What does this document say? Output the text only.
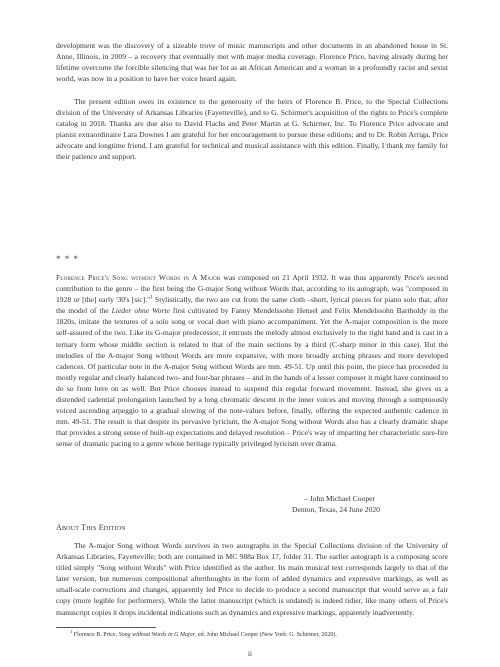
development was the discovery of a sizeable trove of music manuscripts and other documents in an abandoned house in St. Anne, Illinois, in 2009 – a recovery that eventually met with major media coverage. Florence Price, having already during her lifetime overcome the forcible silencing that was her lot as an African American and a woman in a profoundly racist and sexist world, was now in a position to have her voice heard again.

The present edition owes its existence to the generosity of the heirs of Florence B. Price, to the Special Collections division of the University of Arkansas Libraries (Fayetteville), and to G. Schirmer's acquisition of the rights to Price's complete catalog in 2018. Thanks are due also to David Flachs and Peter Martin at G. Schirmer, Inc. To Florence Price advocate and pianist extraordinaire Lara Downes I am grateful for her encouragement to pursue these editions; and to Dr. Robin Arriga, Price advocate and longtime friend, I am grateful for technical and musical assistance with this edition. Finally, I thank my family for their patience and support.

* * *

Florence Price's Song without Words in A Major was composed on 21 April 1932. It was thus apparently Price's second contribution to the genre – the first being the G-major Song without Words that, according to its autograph, was "composed in 1928 or [the] early '30's [sic]."$^1$ Stylistically, the two are cut from the same cloth –short, lyrical pieces for piano solo that, after the model of the Lieder ohne Worte first cultivated by Fanny Mendelssohn Hensel and Felix Mendelssohn Bartholdy in the 1820s, imitate the textures of a solo song or vocal duet with piano accompaniment. Yet the A-major composition is the more self-assured of the two. Like its G-major predecessor, it entrusts the melody almost exclusively to the right hand and is cast in a ternary form whose middle section is related to that of the main sections by a third (C-sharp minor in this case). But the melodies of the A-major Song without Words are more expansive, with more broadly arching phrases and more developed cadences. Of particular note in the A-major Song without Words are mm. 49-51. Up until this point, the piece has proceeded in mostly regular and clearly balanced two- and four-bar phrases – and in the hands of a lesser composer it might have continued to do so from here on as well. But Price chooses instead to suspend this regular forward movement. Instead, she gives us a distended cadential prolongation launched by a long chromatic descent in the inner voices and moving through a sumptuously voiced ascending arpeggio to a gradual slowing of the note-values before, finally, offering the expected authentic cadence in mm. 49-51. The result is that despite its pervasive lyricism, the A-major Song without Words also has a clearly dramatic shape that provides a strong sense of built-up expectations and delayed resolution – Price's way of imparting her characteristic sure-fire sense of dramatic pacing to a genre whose heritage typically privileged lyricism over drama.

– John Michael Cooper
Denton, Texas, 24 June 2020
About This Edition

The A-major Song without Words survives in two autographs in the Special Collections division of the University of Arkansas Libraries, Fayetteville; both are contained in MC 988a Box 17, folder 31. The earlier autograph is a composing score titled simply "Song without Words" with Price identified as the author. Its main musical text corresponds largely to that of the later version, but numerous compositional afterthoughts in the form of added dynamics and expressive markings, as well as small-scale corrections and changes, apparently led Price to decide to produce a second manuscript that would serve as a fair copy (more legible for performers). While the latter manuscript (which is undated) is indeed tidier, like many others of Price's manuscript copies it drops incidental indications such as dynamics and expressive markings, apparently inadvertently.

$^1$ Florence B. Price, Song without Words in G Major, ed. John Michael Cooper (New York: G. Schirmer, 2020).
ii
